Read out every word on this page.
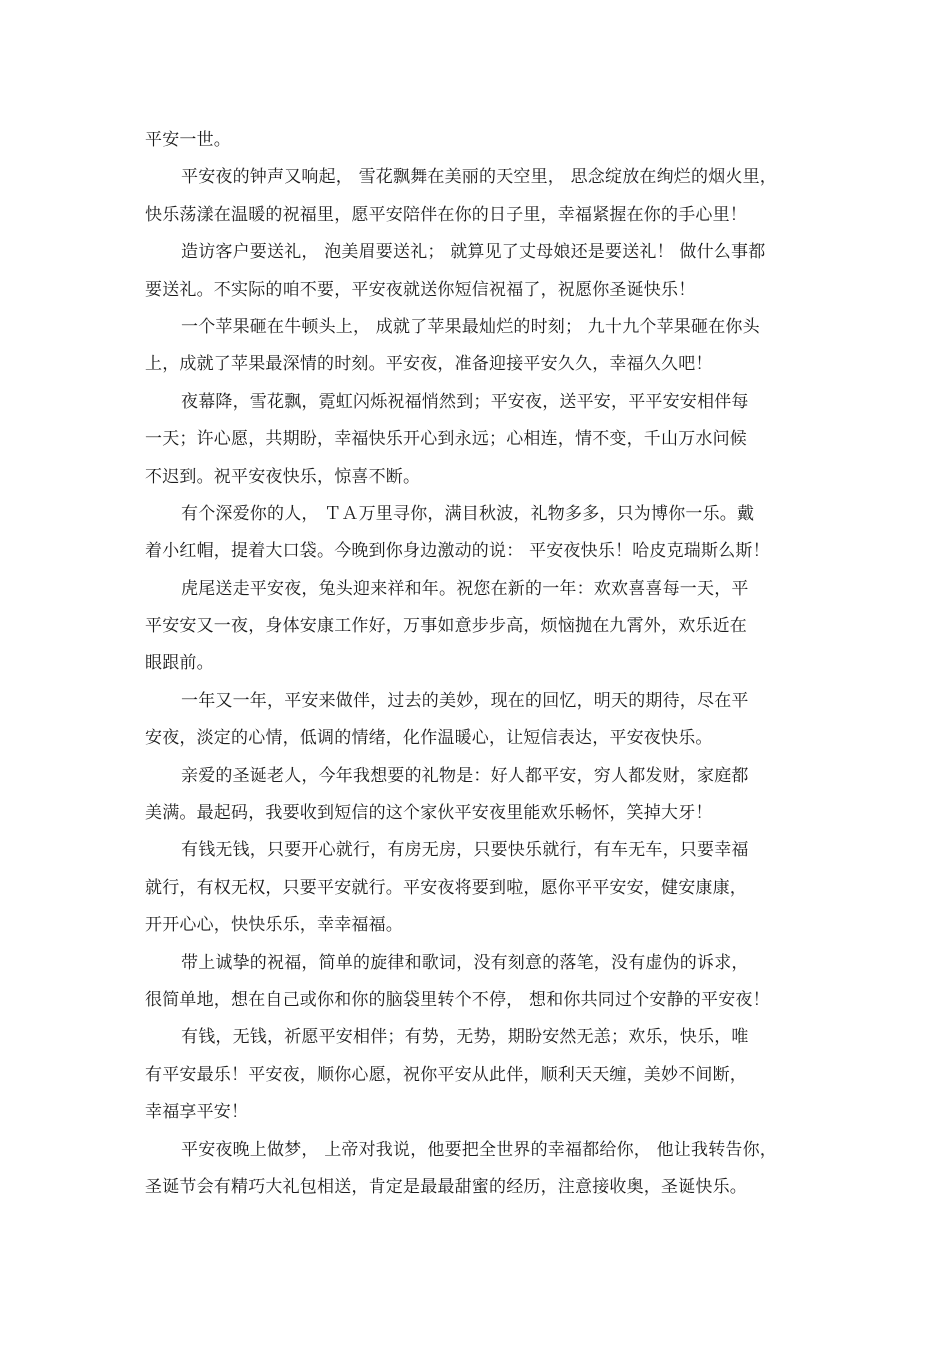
平安一世。
平安夜的钟声又响起， 雪花飘舞在美丽的天空里， 思念绽放在绚烂的烟火里，
快乐荡漾在温暖的祝福里，愿平安陪伴在你的日子里，幸福紧握在你的手心里！
造访客户要送礼， 泡美眉要送礼； 就算见了丈母娘还是要送礼！ 做什么事都
要送礼。不实际的咱不要，平安夜就送你短信祝福了，祝愿你圣诞快乐！
一个苹果砸在牛顿头上， 成就了苹果最灿烂的时刻； 九十九个苹果砸在你头
上，成就了苹果最深情的时刻。平安夜，准备迎接平安久久，幸福久久吧！
夜幕降，雪花飘，霓虹闪烁祝福悄然到；平安夜，送平安，平平安安相伴每
一天；许心愿，共期盼，幸福快乐开心到永远；心相连，情不变，千山万水问候
不迟到。祝平安夜快乐，惊喜不断。
有个深爱你的人， ＴＡ万里寻你，满目秋波，礼物多多，只为博你一乐。戴
着小红帽，提着大口袋。今晚到你身边激动的说： 平安夜快乐！哈皮克瑞斯么斯！
虎尾送走平安夜，兔头迎来祥和年。祝您在新的一年：欢欢喜喜每一天，平
平安安又一夜，身体安康工作好，万事如意步步高，烦恼抛在九霄外，欢乐近在
眼跟前。
一年又一年，平安来做伴，过去的美妙，现在的回忆，明天的期待，尽在平
安夜，淡定的心情，低调的情绪，化作温暖心，让短信表达，平安夜快乐。
亲爱的圣诞老人，今年我想要的礼物是：好人都平安，穷人都发财，家庭都
美满。最起码，我要收到短信的这个家伙平安夜里能欢乐畅怀，笑掉大牙！
有钱无钱，只要开心就行，有房无房，只要快乐就行，有车无车，只要幸福
就行，有权无权，只要平安就行。平安夜将要到啦，愿你平平安安，健安康康，
开开心心，快快乐乐，幸幸福福。
带上诚挚的祝福，简单的旋律和歌词，没有刻意的落笔，没有虚伪的诉求，
很简单地，想在自己或你和你的脑袋里转个不停， 想和你共同过个安静的平安夜！
有钱，无钱，祈愿平安相伴；有势，无势，期盼安然无恙；欢乐，快乐，唯
有平安最乐！平安夜，顺你心愿，祝你平安从此伴，顺利天天缠，美妙不间断，
幸福享平安！
平安夜晚上做梦， 上帝对我说，他要把全世界的幸福都给你， 他让我转告你，
圣诞节会有精巧大礼包相送，肯定是最最甜蜜的经历，注意接收奥，圣诞快乐。
